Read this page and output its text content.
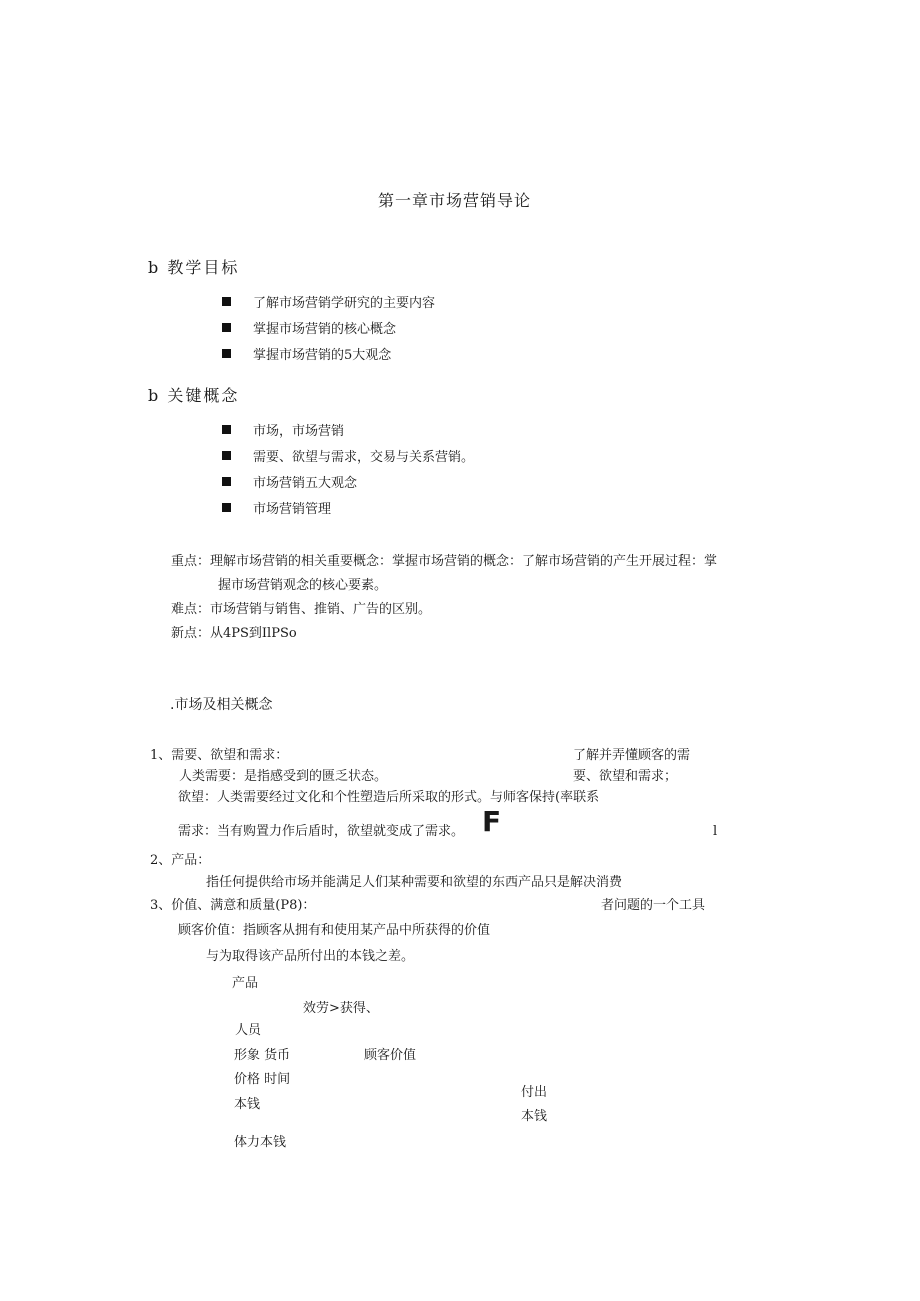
第一章市场营销导论
b 教学目标
了解市场营销学研究的主要内容
掌握市场营销的核心概念
掌握市场营销的5大观念
b 关键概念
市场，市场营销
需要、欲望与需求，交易与关系营销。
市场营销五大观念
市场营销管理
重点：理解市场营销的相关重要概念：掌握市场营销的概念：了解市场营销的产生开展过程：掌
握市场营销观念的核心要素。
难点：市场营销与销售、推销、广告的区别。
新点：从4PS到IlPSo
.市场及相关概念
1、需要、欲望和需求：	了解并弄懂顾客的需
人类需要：是指感受到的匮乏状态。	要、欲望和需求；
欲望：人类需要经过文化和个性塑造后所采取的形式。与师客保持(率联系
需求：当有购置力作后盾时，欲望就变成了需求。 F	l
2、产品：
指任何提供给市场并能满足人们某种需要和欲望的东西产品只是解决消费
3、价值、满意和质量(P8)：	者问题的一个工具
顾客价值：指顾客从拥有和使用某产品中所获得的价值
与为取得该产品所付出的本钱之差。
产品
效劳>获得、
人员
形象 货币	顾客价值
价格 时间
付出
本钱
本钱
体力本钱
